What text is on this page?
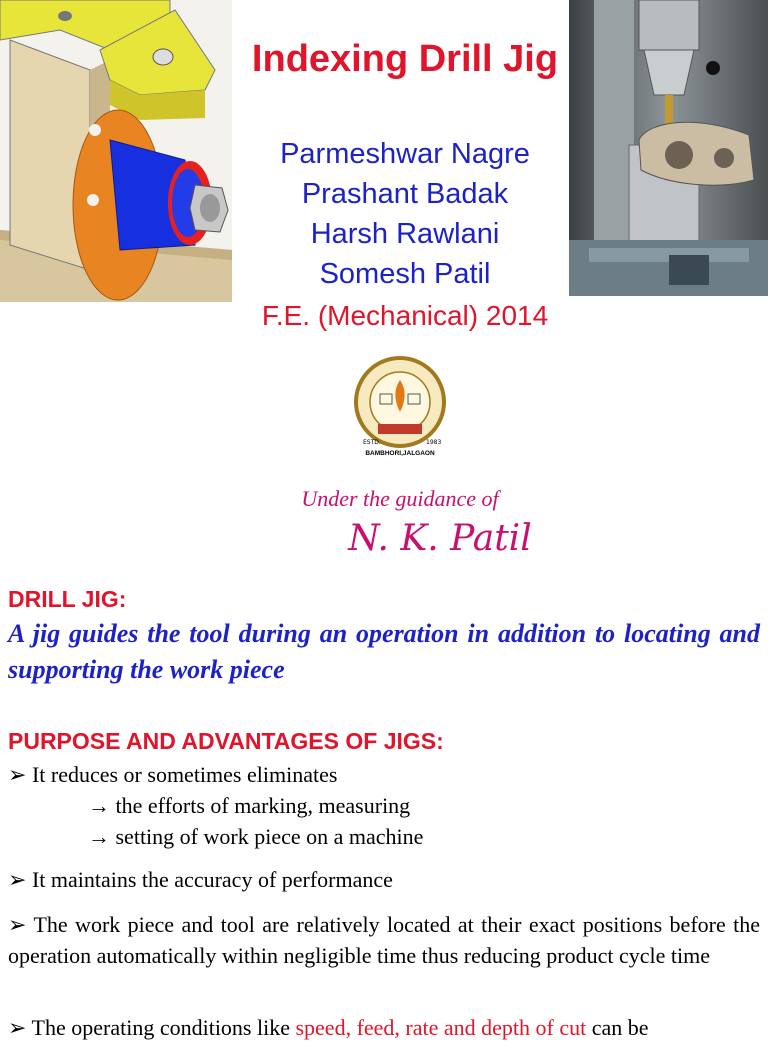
Indexing Drill Jig
Parmeshwar Nagre
Prashant Badak
Harsh Rawlani
Somesh Patil
F.E. (Mechanical) 2014
ESTD.	1983
BAMBHORI,JALGAON
Under the guidance of
N. K. Patil
DRILL JIG:
A jig guides the tool during an operation in addition to locating and supporting the work piece
PURPOSE AND ADVANTAGES OF JIGS:
➢ It reduces or sometimes eliminates
→ the efforts of marking, measuring
→ setting of work piece on a machine
➢ It maintains the accuracy of performance
➢ The work piece and tool are relatively located at their exact positions before the operation automatically within negligible time thus reducing product cycle time
➢ The operating conditions like speed, feed, rate and depth of cut can be
